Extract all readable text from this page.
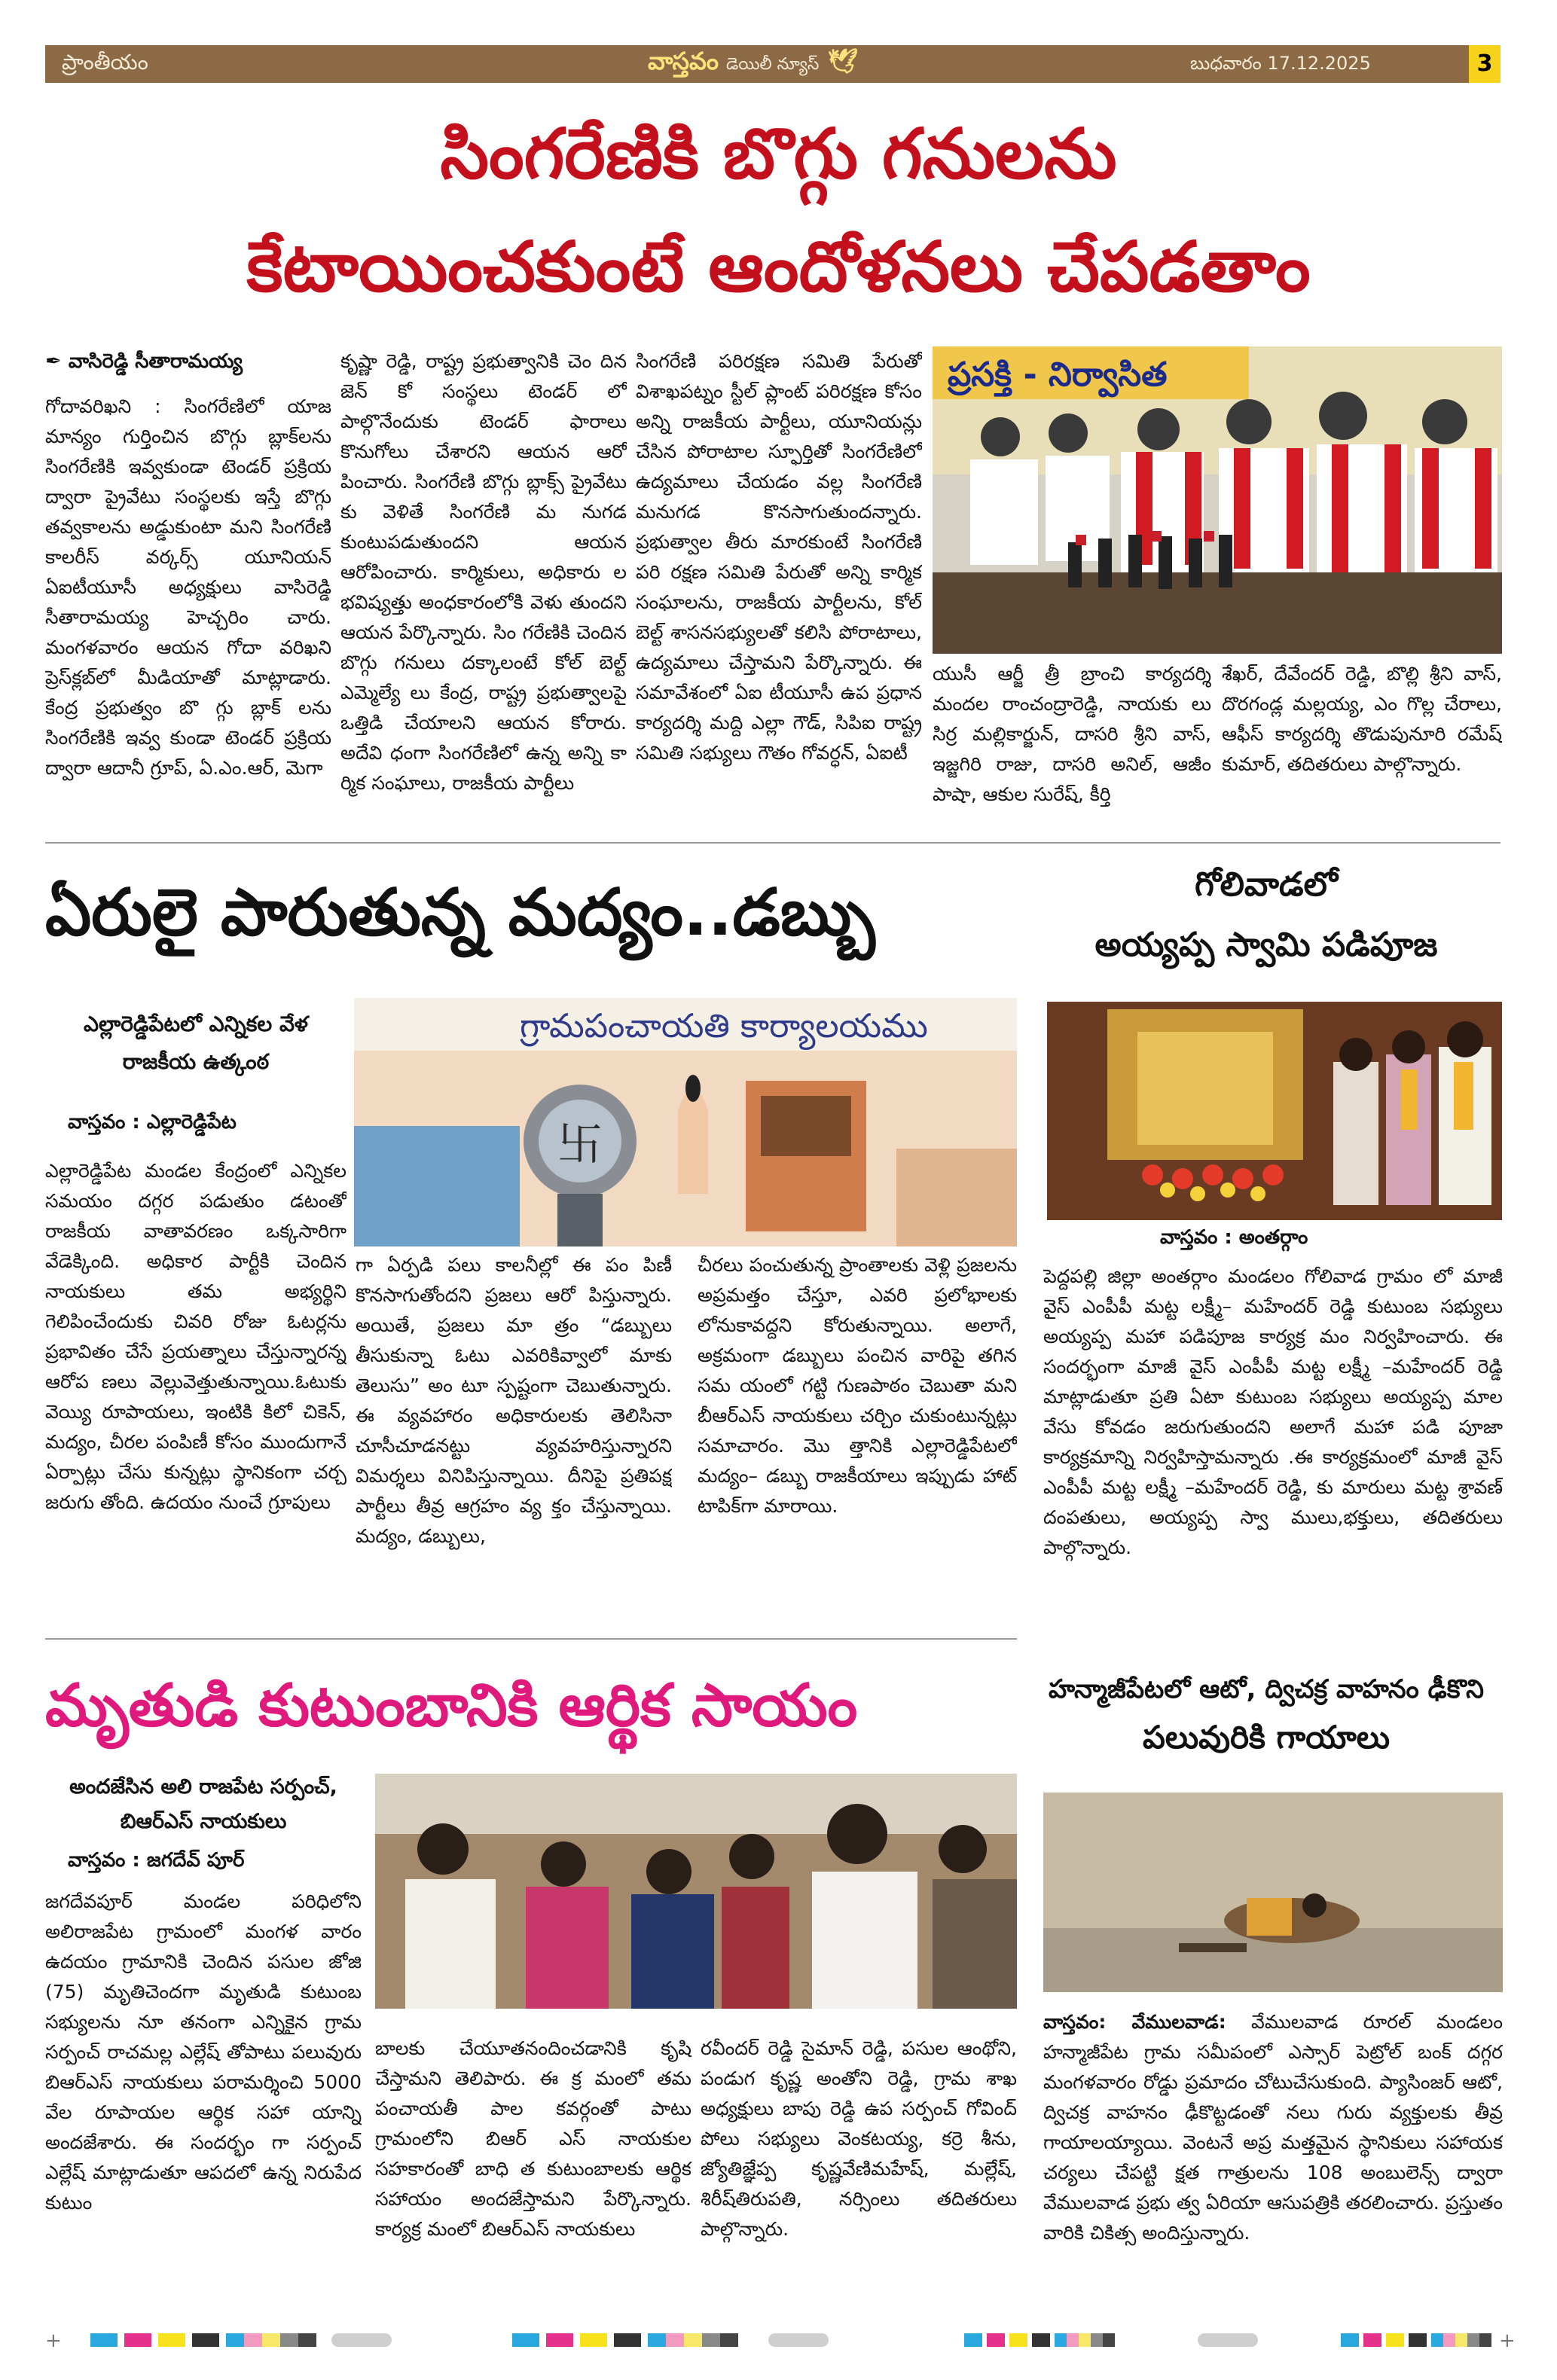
ప్రాంతీయం	వాస్తవం డెయిలీ న్యూస్ 🕊	బుధవారం 17.12.2025	3
సింగరేణికి బొగ్గు గనులను
కేటాయించకుంటే ఆందోళనలు చేపడతాం
✒ వాసిరెడ్డి సీతారామయ్య
గోదావరిఖని : సింగరేణిలో యాజ మాన్యం గుర్తించిన బొగ్గు బ్లాక్‌లను సింగరేణికి ఇవ్వకుండా టెండర్ ప్రక్రియ ద్వారా ప్రైవేటు సంస్థలకు ఇస్తే బొగ్గు తవ్వకాలను అడ్డుకుంటా మని సింగరేణి కాలరీస్ వర్కర్స్ యూనియన్ ఏఐటీయూసీ అధ్యక్షులు వాసిరెడ్డి సీతారామయ్య హెచ్చరిం చారు. మంగళవారం ఆయన గోదా వరిఖని ప్రెస్‌క్లబ్‌లో మీడియాతో మాట్లాడారు. కేంద్ర ప్రభుత్వం బొ గ్గు బ్లాక్ లను సింగరేణికి ఇవ్వ కుండా టెండర్ ప్రక్రియ ద్వారా ఆదానీ గ్రూప్, ఏ.ఎం.ఆర్, మెగా
కృష్ణా రెడ్డి, రాష్ట్ర ప్రభుత్వానికి చెం దిన జెన్ కో సంస్థలు టెండర్ లో పాల్గొనేందుకు టెండర్ ఫారాలు కొనుగోలు చేశారని ఆయన ఆరో పించారు. సింగరేణి బొగ్గు బ్లాక్స్ ప్రైవేటు కు వెళితే సింగరేణి మ నుగడ కుంటుపడుతుందని ఆయన ఆరోపించారు. కార్మికులు, అధికారు ల భవిష్యత్తు అంధకారంలోకి వెళు తుందని ఆయన పేర్కొన్నారు. సిం గరేణికి చెందిన బొగ్గు గనులు దక్కాలంటే కోల్ బెల్ట్ ఎమ్మెల్యే లు కేంద్ర, రాష్ట్ర ప్రభుత్వాలపై ఒత్తిడి చేయాలని ఆయన కోరారు. అదేవి ధంగా సింగరేణిలో ఉన్న అన్ని కా ర్మిక సంఘాలు, రాజకీయ పార్టీలు
సింగరేణి పరిరక్షణ సమితి పేరుతో విశాఖపట్నం స్టీల్ ప్లాంట్ పరిరక్షణ కోసం అన్ని రాజకీయ పార్టీలు, యూనియన్లు చేసిన పోరాటాల స్ఫూర్తితో సింగరేణిలో ఉద్యమాలు చేయడం వల్ల సింగరేణి మనుగడ కొనసాగుతుందన్నారు. ప్రభుత్వాల తీరు మారకుంటే సింగరేణి పరి రక్షణ సమితి పేరుతో అన్ని కార్మిక సంఘాలను, రాజకీయ పార్టీలను, కోల్ బెల్ట్ శాసనసభ్యులతో కలిసి పోరాటాలు, ఉద్యమాలు చేస్తామని పేర్కొన్నారు. ఈ సమావేశంలో ఏఐ టీయూసీ ఉప ప్రధాన కార్యదర్శి మద్ది ఎల్లా గౌడ్, సిపిఐ రాష్ట్ర సమితి సభ్యులు గౌతం గోవర్ధన్, ఏఐటీ
ప్రసక్తి - నిర్వాసిత
యుసీ ఆర్జీ త్రీ బ్రాంచి కార్యదర్శి మందల రాంచంద్రారెడ్డి, నాయకు లు సిర్ర మల్లికార్జున్, దాసరి శ్రీని వాస్, ఇజ్జగిరి రాజు, దాసరి అనిల్, ఆజీం పాషా, ఆకుల సురేష్, కీర్తి
శేఖర్, దేవేందర్ రెడ్డి, బొల్లి శ్రీని వాస్, దొరగండ్ల మల్లయ్య, ఎం గొల్ల చేరాలు, ఆఫీస్ కార్యదర్శి తొడుపునూరి రమేష్ కుమార్, తదితరులు పాల్గొన్నారు.
ఏరులై పారుతున్న మద్యం..డబ్బు
ఎల్లారెడ్డిపేటలో ఎన్నికల వేళ
రాజకీయ ఉత్కంఠ
వాస్తవం : ఎల్లారెడ్డిపేట
ఎల్లారెడ్డిపేట మండల కేంద్రంలో ఎన్నికల సమయం దగ్గర పడుతుం డటంతో రాజకీయ వాతావరణం ఒక్కసారిగా వేడెక్కింది. అధికార పార్టీకి చెందిన నాయకులు తమ అభ్యర్థిని గెలిపించేందుకు చివరి రోజు ఓటర్లను ప్రభావితం చేసే ప్రయత్నాలు చేస్తున్నారన్న ఆరోప ణలు వెల్లువెత్తుతున్నాయి.ఓటుకు వెయ్యి రూపాయలు, ఇంటికి కిలో చికెన్, మద్యం, చీరల పంపిణీ కోసం ముందుగానే ఏర్పాట్లు చేసు కున్నట్లు స్థానికంగా చర్చ జరుగు తోంది. ఉదయం నుంచే గ్రూపులు
గ్రామపంచాయతి కార్యాలయము
卐
గా ఏర్పడి పలు కాలనీల్లో ఈ పం పిణీ కొనసాగుతోందని ప్రజలు ఆరో పిస్తున్నారు. అయితే, ప్రజలు మా త్రం “డబ్బులు తీసుకున్నా ఓటు ఎవరికివ్వాలో మాకు తెలుసు” అం టూ స్పష్టంగా చెబుతున్నారు. ఈ వ్యవహారం అధికారులకు తెలిసినా చూసీచూడనట్టు వ్యవహరిస్తున్నారని విమర్శలు వినిపిస్తున్నాయి. దీనిపై ప్రతిపక్ష పార్టీలు తీవ్ర ఆగ్రహం వ్య క్తం చేస్తున్నాయి. మద్యం, డబ్బులు,
చీరలు పంచుతున్న ప్రాంతాలకు వెళ్లి ప్రజలను అప్రమత్తం చేస్తూ, ఎవరి ప్రలోభాలకు లోనుకావద్దని కోరుతున్నాయి. అలాగే, అక్రమంగా డబ్బులు పంచిన వారిపై తగిన సమ యంలో గట్టి గుణపాఠం చెబుతా మని బీఆర్ఎస్ నాయకులు చర్చిం చుకుంటున్నట్లు సమాచారం. మొ త్తానికి ఎల్లారెడ్డిపేటలో మద్యం– డబ్బు రాజకీయాలు ఇప్పుడు హాట్ టాపిక్‌గా మారాయి.
గోలివాడలో
అయ్యప్ప స్వామి పడిపూజ
వాస్తవం : అంతర్గాం
పెద్దపల్లి జిల్లా అంతర్గాం మండలం గోలివాడ గ్రామం లో మాజీ వైస్ ఎంపీపీ మట్ట లక్ష్మీ– మహేందర్ రెడ్డి కుటుంబ సభ్యులు అయ్యప్ప మహా పడిపూజ కార్యక్ర మం నిర్వహించారు. ఈ సందర్భంగా మాజీ వైస్ ఎంపీపీ మట్ట లక్ష్మీ –మహేందర్ రెడ్డి మాట్లాడుతూ ప్రతి ఏటా కుటుంబ సభ్యులు అయ్యప్ప మాల వేసు కోవడం జరుగుతుందని అలాగే మహా పడి పూజా కార్యక్రమాన్ని నిర్వహిస్తామన్నారు .ఈ కార్యక్రమంలో మాజీ వైస్ ఎంపీపీ మట్ట లక్ష్మీ –మహేందర్ రెడ్డి, కు మారులు మట్ట శ్రావణ్ దంపతులు, అయ్యప్ప స్వా ములు,భక్తులు, తదితరులు పాల్గొన్నారు.
మృతుడి కుటుంబానికి ఆర్థిక సాయం
అందజేసిన అలి రాజపేట సర్పంచ్,
బిఆర్ఎస్ నాయకులు
వాస్తవం : జగదేవ్ పూర్
జగదేవపూర్ మండల పరిధిలోని అలిరాజపేట గ్రామంలో మంగళ వారం ఉదయం గ్రామానికి చెందిన పసుల జోజి (75) మృతిచెందగా మృతుడి కుటుంబ సభ్యులను నూ తనంగా ఎన్నికైన గ్రామ సర్పంచ్ రాచమల్ల ఎల్లేష్ తోపాటు పలువురు బిఆర్ఎస్ నాయకులు పరామర్శించి 5000 వేల రూపాయల ఆర్థిక సహా యాన్ని అందజేశారు. ఈ సందర్భం గా సర్పంచ్ ఎల్లేష్ మాట్లాడుతూ ఆపదలో ఉన్న నిరుపేద కుటుం
బాలకు చేయూతనందించడానికి కృషి చేస్తామని తెలిపారు. ఈ క్ర మంలో తమ పంచాయతీ పాల కవర్గంతో పాటు గ్రామంలోని బిఆర్ ఎస్ నాయకుల సహకారంతో బాధి త కుటుంబాలకు ఆర్థిక సహాయం అందజేస్తామని పేర్కొన్నారు. కార్యక్ర మంలో బిఆర్ఎస్ నాయకులు
రవీందర్ రెడ్డి సైమాన్ రెడ్డి, పసుల ఆంథోని, పండుగ కృష్ణ అంతోని రెడ్డి, గ్రామ శాఖ అధ్యక్షులు బాపు రెడ్డి ఉప సర్పంచ్ గోవింద్ పోలు సభ్యులు వెంకటయ్య, కర్రె శీను, జ్యోతిజ్ఞేప్ప కృష్ణవేణిమహేష్, మల్లేష్, శిరీష్‌తిరుపతి, నర్సింలు తదితరులు పాల్గొన్నారు.
హన్మాజీపేటలో ఆటో, ద్విచక్ర వాహనం ఢీకొని
పలువురికి గాయాలు
వాస్తవం: వేములవాడ: వేములవాడ రూరల్ మండలం హన్మాజీపేట గ్రామ సమీపంలో ఎస్సార్ పెట్రోల్ బంక్ దగ్గర మంగళవారం రోడ్డు ప్రమాదం చోటుచేసుకుంది. ప్యాసింజర్ ఆటో, ద్విచక్ర వాహనం ఢీకొట్టడంతో నలు గురు వ్యక్తులకు తీవ్ర గాయాలయ్యాయి. వెంటనే అప్ర మత్తమైన స్థానికులు సహాయక చర్యలు చేపట్టి క్షత గాత్రులను 108 అంబులెన్స్ ద్వారా వేములవాడ ప్రభు త్వ ఏరియా ఆసుపత్రికి తరలించారు. ప్రస్తుతం వారికి చికిత్స అందిస్తున్నారు.
+	+
